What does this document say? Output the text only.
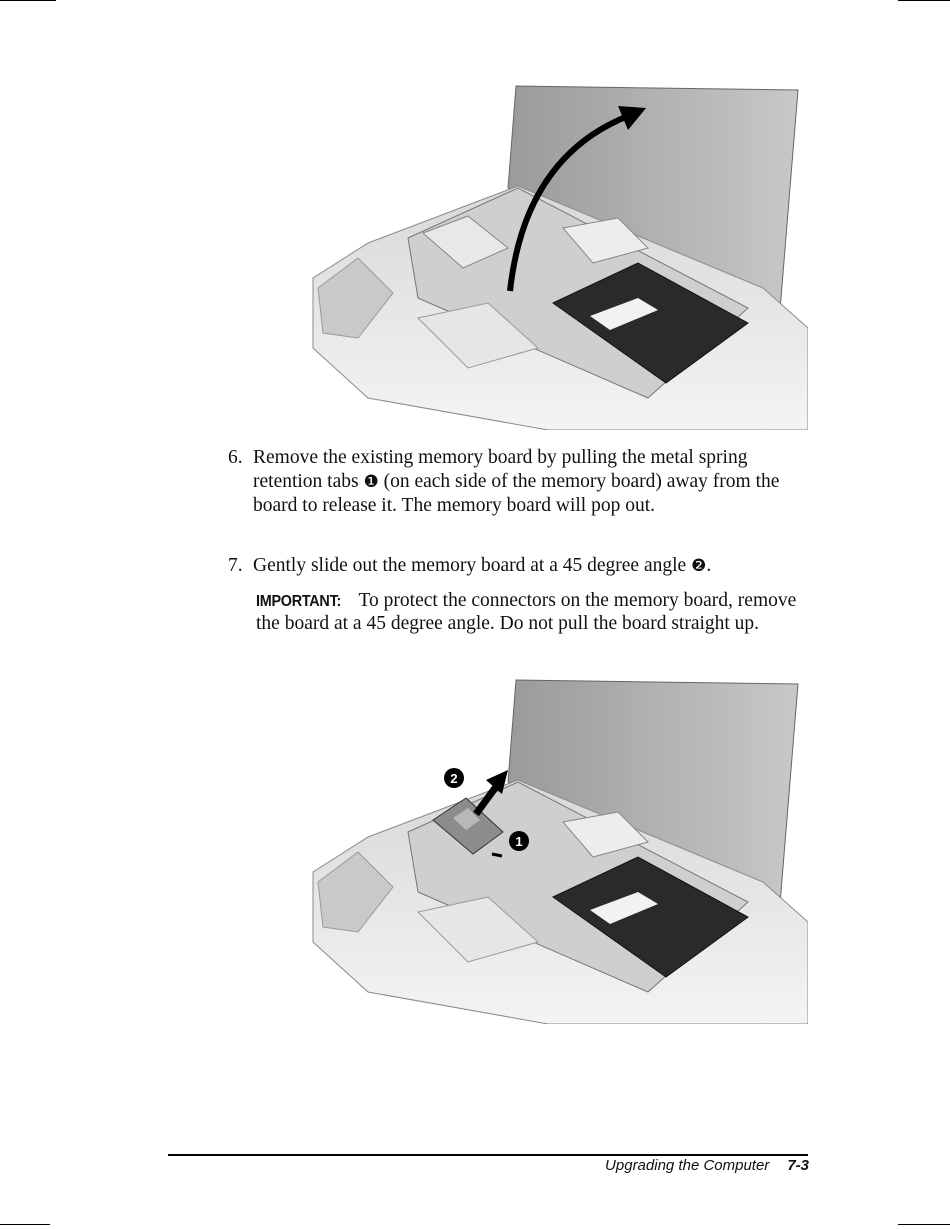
6. Remove the existing memory board by pulling the metal spring retention tabs ❶ (on each side of the memory board) away from the board to release it. The memory board will pop out.
7. Gently slide out the memory board at a 45 degree angle ❷.
IMPORTANT: To protect the connectors on the memory board, remove the board at a 45 degree angle. Do not pull the board straight up.
2
1
Upgrading the Computer 7-3
